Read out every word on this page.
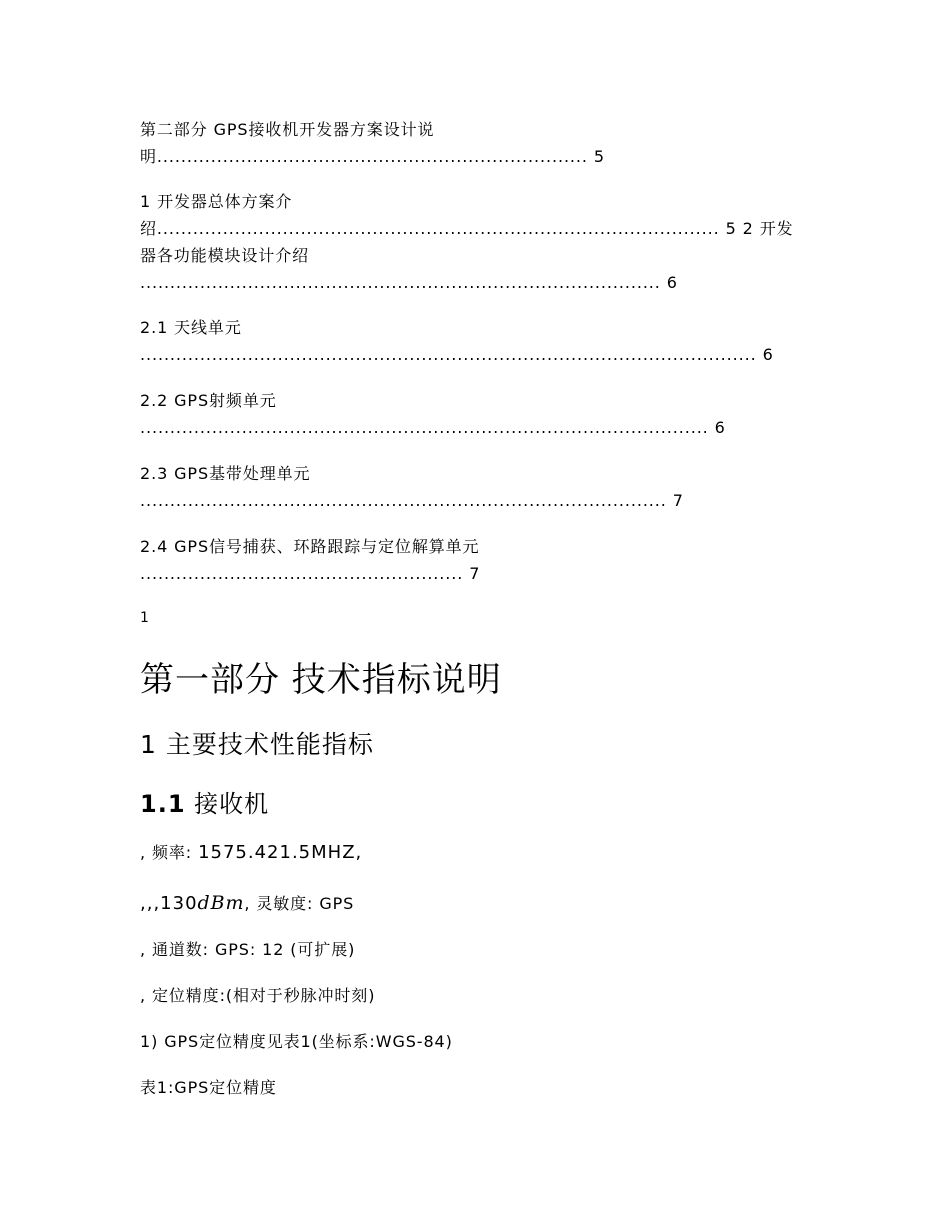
第二部分 GPS接收机开发器方案设计说
明........................................................................ 5
1 开发器总体方案介
绍.............................................................................................. 5 2 开发
器各功能模块设计介绍
....................................................................................... 6
2.1 天线单元
....................................................................................................... 6
2.2 GPS射频单元
............................................................................................... 6
2.3 GPS基带处理单元
........................................................................................ 7
2.4 GPS信号捕获、环路跟踪与定位解算单元
...................................................... 7
1
第一部分 技术指标说明
1 主要技术性能指标
1.1 接收机
, 频率: 1575.421.5MHZ,
,,,130dBm, 灵敏度: GPS
, 通道数: GPS: 12 (可扩展)
, 定位精度:(相对于秒脉冲时刻)
1) GPS定位精度见表1(坐标系:WGS-84)
表1:GPS定位精度
